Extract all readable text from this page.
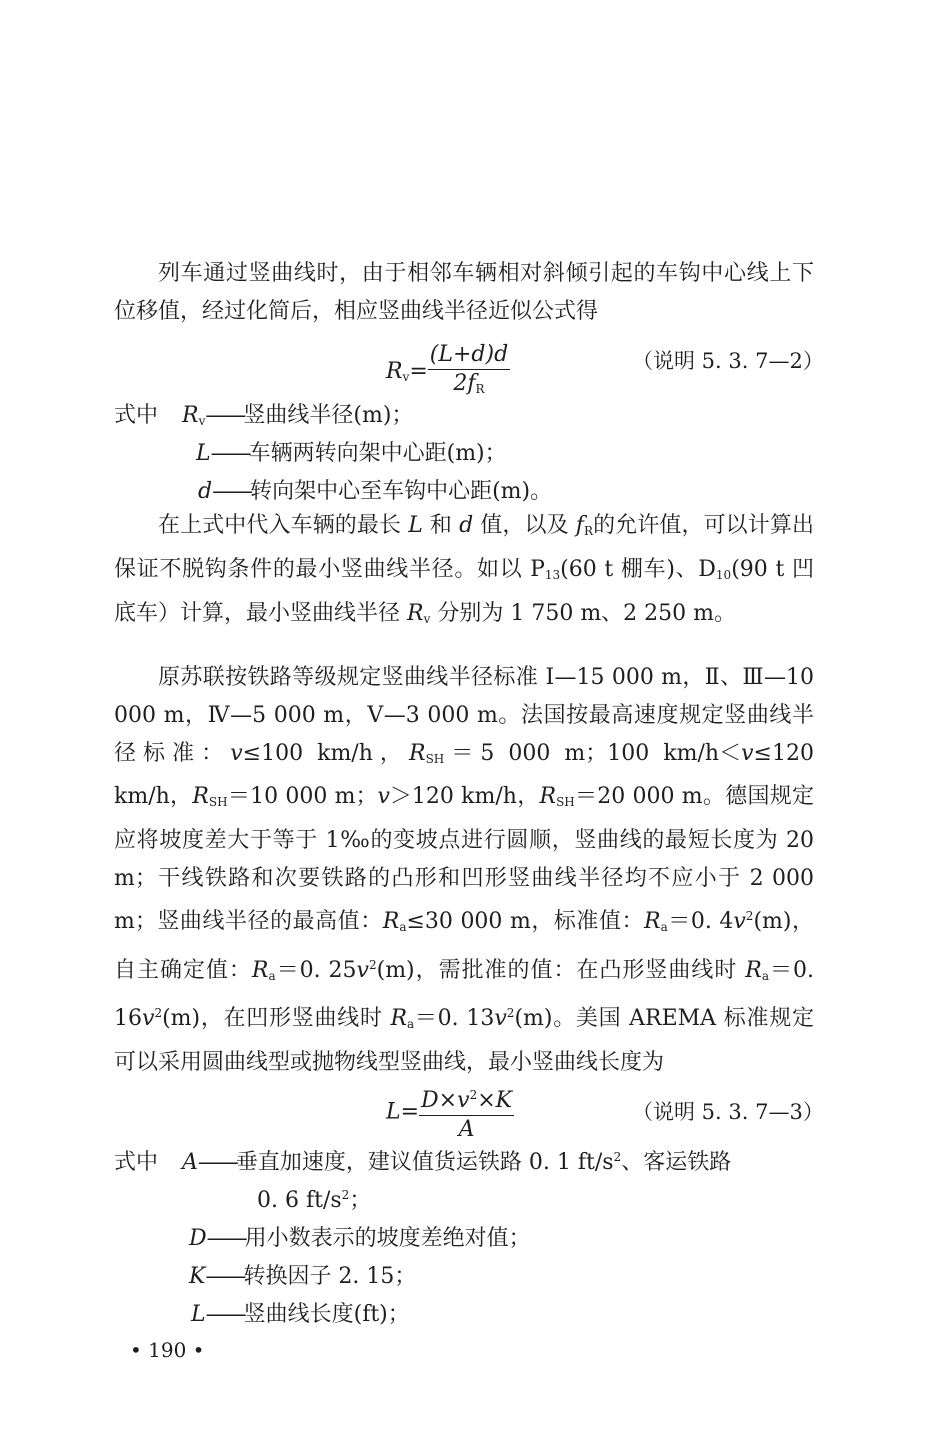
列车通过竖曲线时，由于相邻车辆相对斜倾引起的车钩中心线上下位移值，经过化简后，相应竖曲线半径近似公式得

$R_v= \frac{(L+d)d}{2f_R}$	（说明 5. 3. 7—2）
式中 $R_v——$竖曲线半径(m)；
L——车辆两转向架中心距(m)；
d——转向架中心至车钩中心距(m)。

在上式中代入车辆的最长 L 和 d 值，以及 $f_R$的允许值，可以计算出保证不脱钩条件的最小竖曲线半径。如以 $P_{13}(60$ t 棚车)、$D_{10}(90$ t 凹底车）计算，最小竖曲线半径 $R_v$ 分别为 1 750 m、2 250 m。

原苏联按铁路等级规定竖曲线半径标准 Ⅰ—15 000 m，Ⅱ、Ⅲ—10 000 m，Ⅳ—5 000 m，Ⅴ—3 000 m。法国按最高速度规定竖曲线半径标准：v≤100 km/h，$R_{SH}=5$ 000 m；100 km/h＜v≤120 km/h，$R_{SH}=10$ 000 m；v＞120 km/h，$R_{SH}=20$ 000 m。德国规定应将坡度差大于等于 1‰的变坡点进行圆顺，竖曲线的最短长度为 20 m；干线铁路和次要铁路的凸形和凹形竖曲线半径均不应小于 2 000 m；竖曲线半径的最高值：$R_a\le 30$ 000 m，标准值：$R_a=0$. $4v^2(m)$，自主确定值：$R_a=0$. $25v^2(m)$，需批准的值：在凸形竖曲线时 $R_a=0$. $16v^2(m)$，在凹形竖曲线时 $R_a=0$. $13v^2(m)$。美国 AREMA 标准规定可以采用圆曲线型或抛物线型竖曲线，最小竖曲线长度为

$L= \frac{D\times v^2\times K}{A}$	（说明 5. 3. 7—3）
式中 A——垂直加速度，建议值货运铁路 0. 1 $ft/s^2$、客运铁路
0. 6 $ft/s^2$；
D——用小数表示的坡度差绝对值；
K——转换因子 2. 15；
L——竖曲线长度(ft)；
• 190 •
